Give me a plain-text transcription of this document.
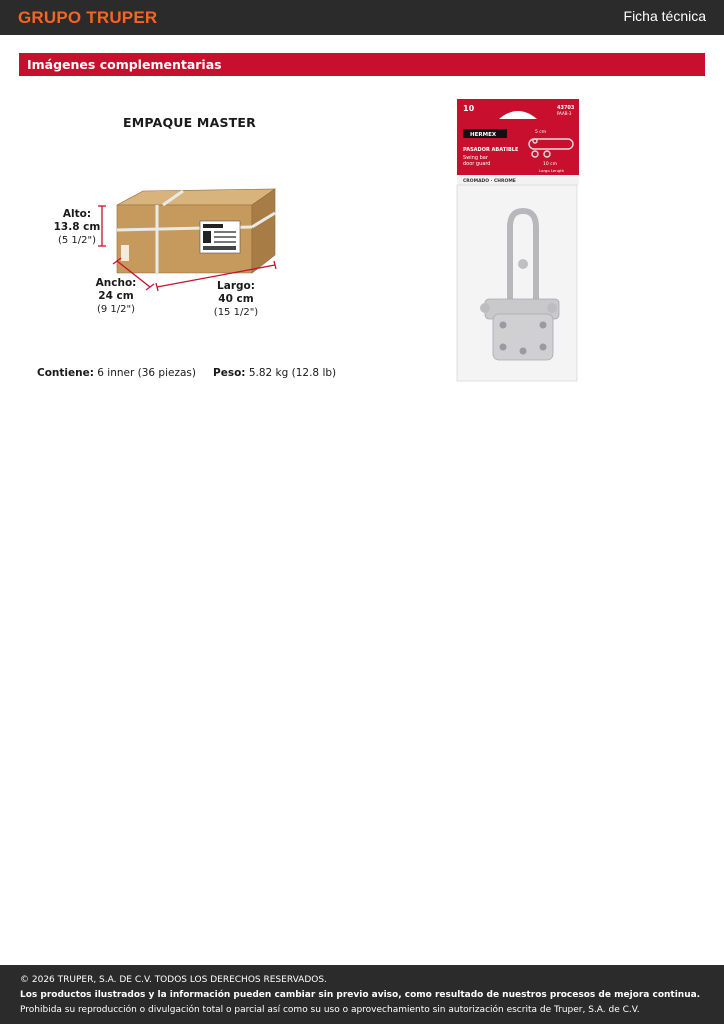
GRUPO TRUPER	Ficha técnica
Imágenes complementarias
EMPAQUE MASTER
Alto:
13.8 cm
(5 1/2")
Ancho:
24 cm
(9 1/2")
Largo:
40 cm
(15 1/2")
Contiene: 6 inner (36 piezas) Peso: 5.82 kg (12.8 lb)
10	43703
PAAB-3
HERMEX
PASADOR ABATIBLE
Swing bar
door guard
5 cm
10 cm
Largo Length
CROMADO · CHROME
© 2026 TRUPER, S.A. DE C.V. TODOS LOS DERECHOS RESERVADOS.
Los productos ilustrados y la información pueden cambiar sin previo aviso, como resultado de nuestros procesos de mejora continua.
Prohibida su reproducción o divulgación total o parcial así como su uso o aprovechamiento sin autorización escrita de Truper, S.A. de C.V.
